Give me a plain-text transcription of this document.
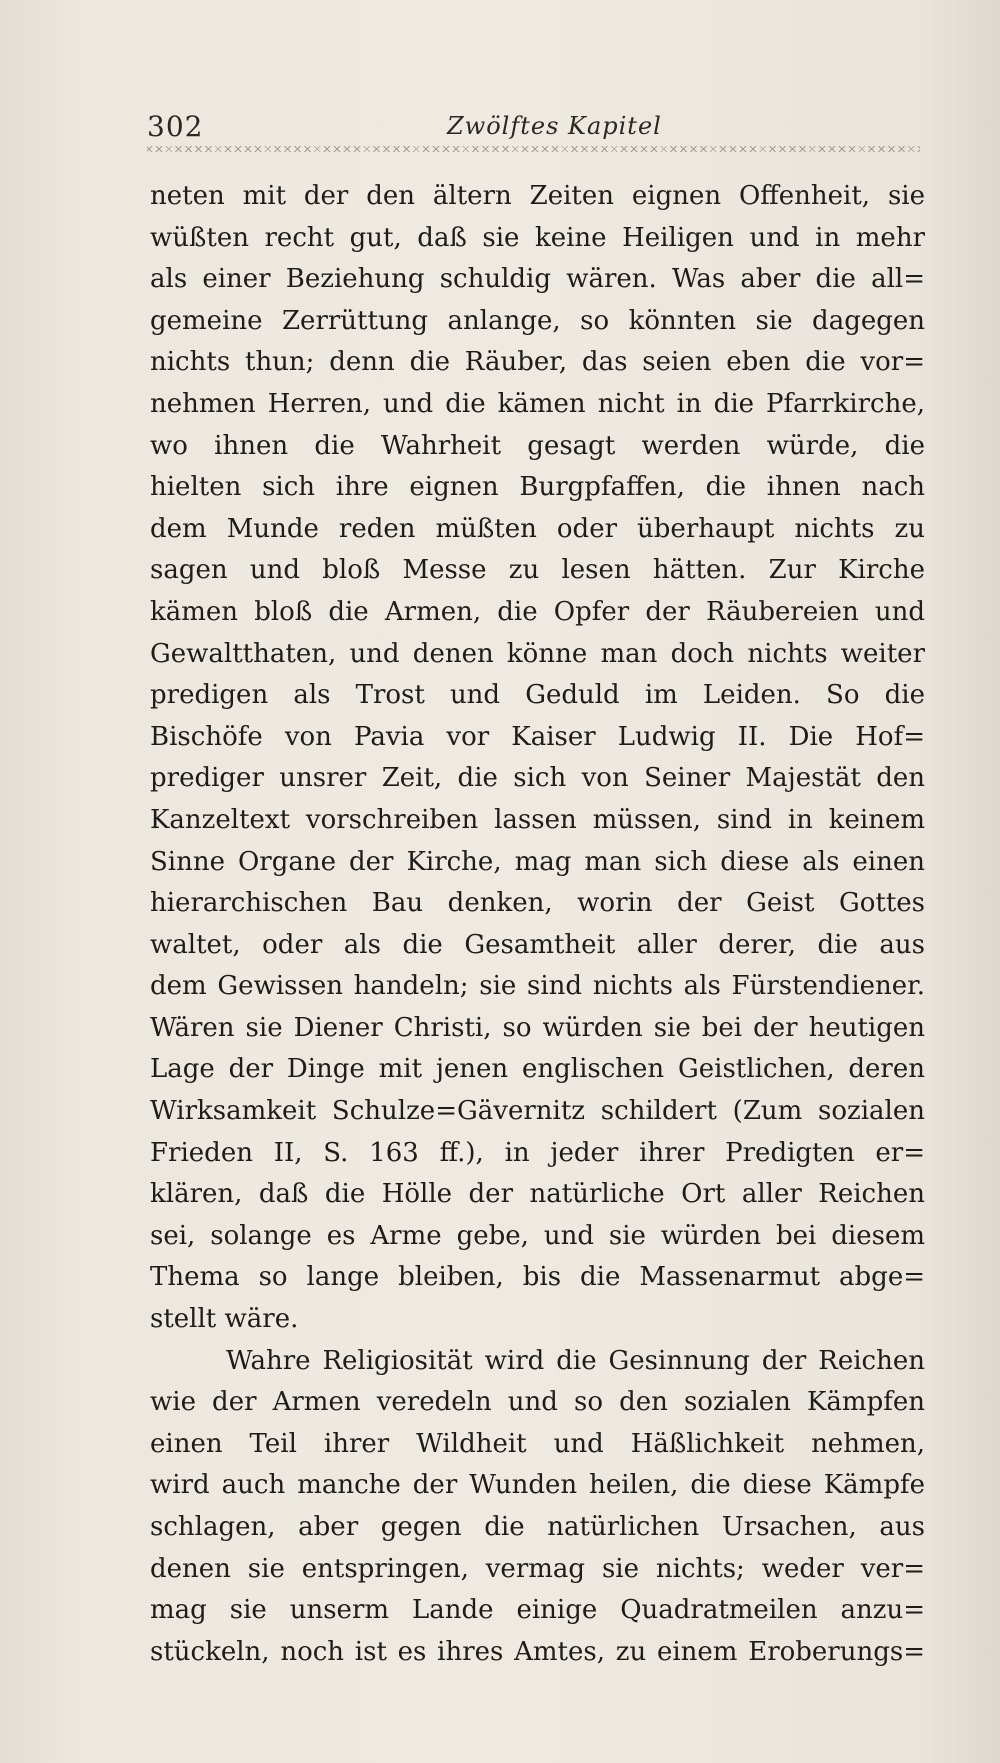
302	Zwölftes Kapitel
neten mit der den ältern Zeiten eignen Offenheit, sie
wüßten recht gut, daß sie keine Heiligen und in mehr
als einer Beziehung schuldig wären. Was aber die all=
gemeine Zerrüttung anlange, so könnten sie dagegen
nichts thun; denn die Räuber, das seien eben die vor=
nehmen Herren, und die kämen nicht in die Pfarrkirche,
wo ihnen die Wahrheit gesagt werden würde, die
hielten sich ihre eignen Burgpfaffen, die ihnen nach
dem Munde reden müßten oder überhaupt nichts zu
sagen und bloß Messe zu lesen hätten. Zur Kirche
kämen bloß die Armen, die Opfer der Räubereien und
Gewaltthaten, und denen könne man doch nichts weiter
predigen als Trost und Geduld im Leiden. So die
Bischöfe von Pavia vor Kaiser Ludwig II. Die Hof=
prediger unsrer Zeit, die sich von Seiner Majestät den
Kanzeltext vorschreiben lassen müssen, sind in keinem
Sinne Organe der Kirche, mag man sich diese als einen
hierarchischen Bau denken, worin der Geist Gottes
waltet, oder als die Gesamtheit aller derer, die aus
dem Gewissen handeln; sie sind nichts als Fürstendiener.
Wären sie Diener Christi, so würden sie bei der heutigen
Lage der Dinge mit jenen englischen Geistlichen, deren
Wirksamkeit Schulze=Gävernitz schildert (Zum sozialen
Frieden II, S. 163 ff.), in jeder ihrer Predigten er=
klären, daß die Hölle der natürliche Ort aller Reichen
sei, solange es Arme gebe, und sie würden bei diesem
Thema so lange bleiben, bis die Massenarmut abge=
stellt wäre.
Wahre Religiosität wird die Gesinnung der Reichen
wie der Armen veredeln und so den sozialen Kämpfen
einen Teil ihrer Wildheit und Häßlichkeit nehmen,
wird auch manche der Wunden heilen, die diese Kämpfe
schlagen, aber gegen die natürlichen Ursachen, aus
denen sie entspringen, vermag sie nichts; weder ver=
mag sie unserm Lande einige Quadratmeilen anzu=
stückeln, noch ist es ihres Amtes, zu einem Eroberungs=
